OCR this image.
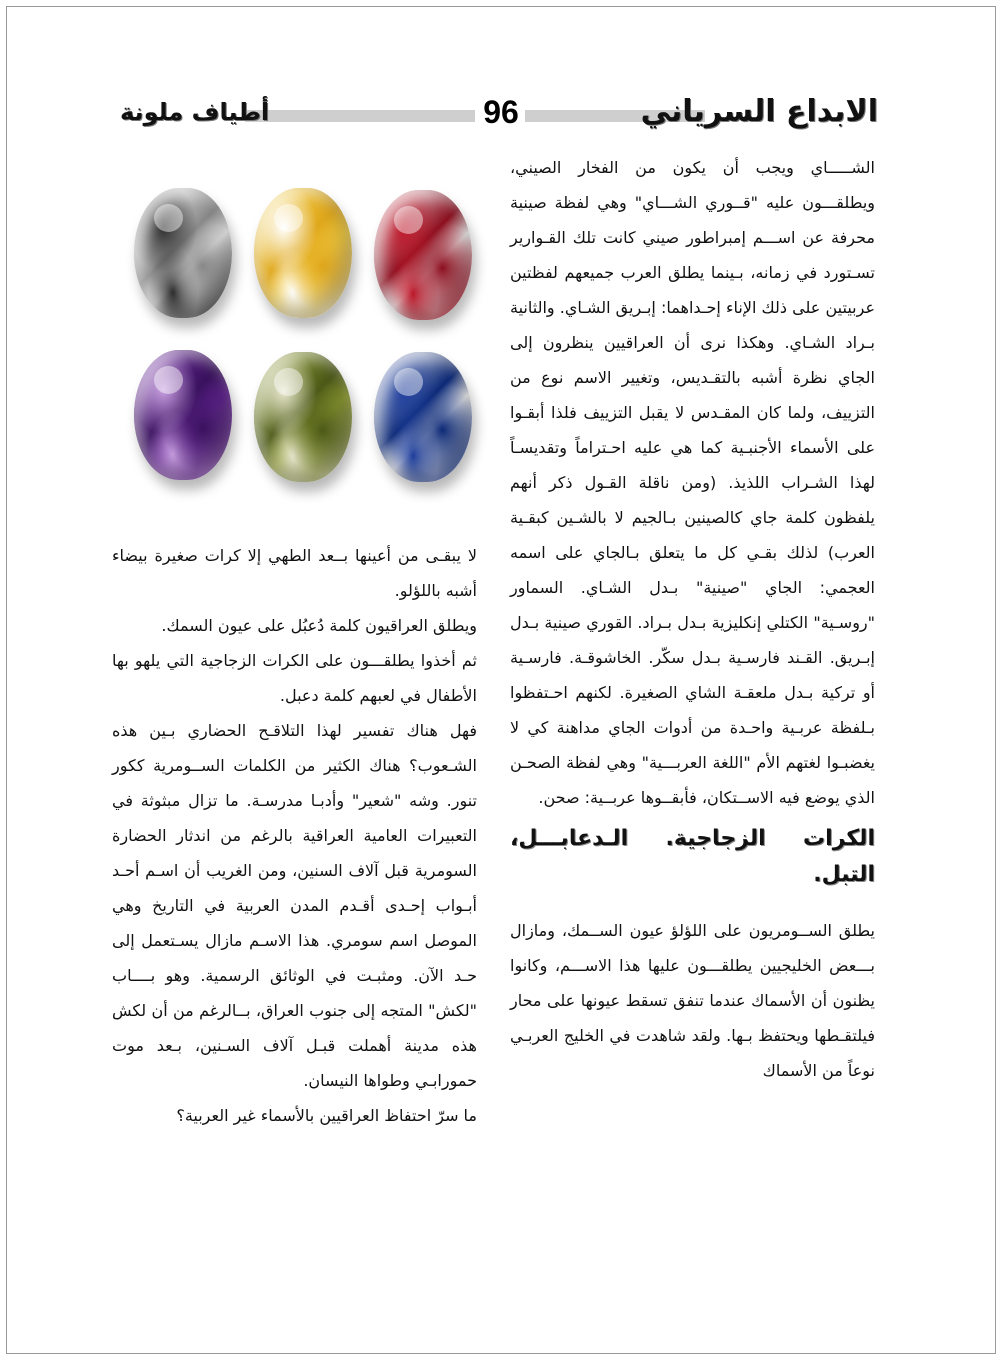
الابداع السرياني
96
أطياف ملونة

الشـــــاي ويجب أن يكون من الفخار الصيني، ويطلقـــون عليه "قــوري الشـــاي" وهي لفظة صينية محرفة عن اســـم إمبراطور صيني كانت تلك القـوارير تسـتورد في زمانه، بـينما يطلق العرب جميعهم لفظتين عربيتين على ذلك الإناء إحـداهما: إبـريق الشـاي. والثانية بـراد الشـاي. وهكذا نرى أن العراقيين ينظرون إلى الجاي نظرة أشبه بالتقـديس، وتغيير الاسم نوع من التزييف، ولما كان المقـدس لا يقبل التزييف فلذا أبقـوا على الأسماء الأجنبـية كما هي عليه احـتراماً وتقديسـاً لهذا الشـراب اللذيذ. (ومن ناقلة القـول ذكر أنهم يلفظون كلمة جاي كالصينين بـالجيم لا بالشـين كبقـية العرب) لذلك بقـي كل ما يتعلق بـالجاي على اسمه العجمي: الجاي "صينية" بـدل الشـاي. السماور "روسـية" الكتلي إنكليزية بـدل بـراد. القوري صينية بـدل إبـريق. القـند فارسـية بـدل سكّر. الخاشوقـة. فارسـية أو تركية بـدل ملعقـة الشاي الصغيرة. لكنهم احـتفظوا بـلفظة عربـية واحـدة من أدوات الجاي مداهنة كي لا يغضبـوا لغتهم الأم "اللغة العربـــية" وهي لفظة الصحـن الذي يوضع فيه الاســتكان، فأبقــوها عربــية: صحن.

الكرات الزجاجية. الـدعابـــل، التبل.

يطلق الســومريون على اللؤلؤ عيون الســمك، ومازال بـــعض الخليجيين يطلقـــون عليها هذا الاســـم، وكانوا يظنون أن الأسماك عندما تنفق تسقط عيونها على محار فيلتقـطها ويحتفظ بـها. ولقد شاهدت في الخليج العربـي نوعاً من الأسماك

لا يبقـى من أعينها بــعد الطهي إلا كرات صغيرة بيضاء أشبه باللؤلو.

ويطلق العراقيون كلمة دُعبُل على عيون السمك.

ثم أخذوا يطلقـــون على الكرات الزجاجية التي يلهو بها الأطفال في لعبهم كلمة دعبل.

فهل هناك تفسير لهذا التلاقـح الحضاري بـين هذه الشـعوب؟ هناك الكثير من الكلمات الســومرية ككور تنور. وشه "شعير" وأدبـا مدرسـة. ما تزال مبثوثة في التعبيرات العامية العراقية بالرغم من اندثار الحضارة السومرية قبل آلاف السنين، ومن الغريب أن اسـم أحـد أبـواب إحـدى أقـدم المدن العربية في التاريخ وهي الموصل اسم سومري. هذا الاسـم مازال يسـتعمل إلى حـد الآن. ومثبـت في الوثائق الرسمية. وهو بــــاب "لكش" المتجه إلى جنوب العراق، بــالرغم من أن لكش هذه مدينة أهملت قبـل آلاف السـنين، بـعد موت حمورابـي وطواها النيسان.

ما سرّ احتفاظ العراقيين بالأسماء غير العربية؟
